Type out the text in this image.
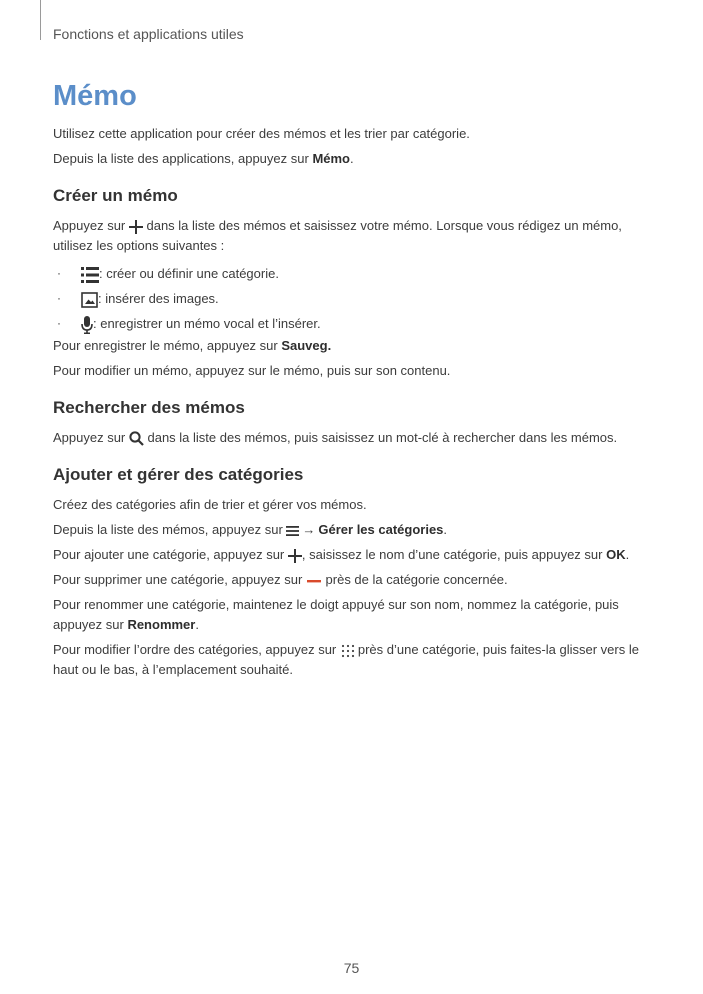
Fonctions et applications utiles
Mémo

Utilisez cette application pour créer des mémos et les trier par catégorie.

Depuis la liste des applications, appuyez sur Mémo.

Créer un mémo

Appuyez sur  dans la liste des mémos et saisissez votre mémo. Lorsque vous rédigez un mémo, utilisez les options suivantes :

·	: créer ou définir une catégorie.
·	: insérer des images.
· : enregistrer un mémo vocal et l’insérer.

Pour enregistrer le mémo, appuyez sur Sauveg.

Pour modifier un mémo, appuyez sur le mémo, puis sur son contenu.

Rechercher des mémos

Appuyez sur  dans la liste des mémos, puis saisissez un mot-clé à rechercher dans les mémos.

Ajouter et gérer des catégories

Créez des catégories afin de trier et gérer vos mémos.

Depuis la liste des mémos, appuyez sur → Gérer les catégories.

Pour ajouter une catégorie, appuyez sur , saisissez le nom d’une catégorie, puis appuyez sur OK.

Pour supprimer une catégorie, appuyez sur  près de la catégorie concernée.

Pour renommer une catégorie, maintenez le doigt appuyé sur son nom, nommez la catégorie, puis appuyez sur Renommer.

Pour modifier l’ordre des catégories, appuyez sur près d’une catégorie, puis faites-la glisser vers le haut ou le bas, à l’emplacement souhaité.

75
